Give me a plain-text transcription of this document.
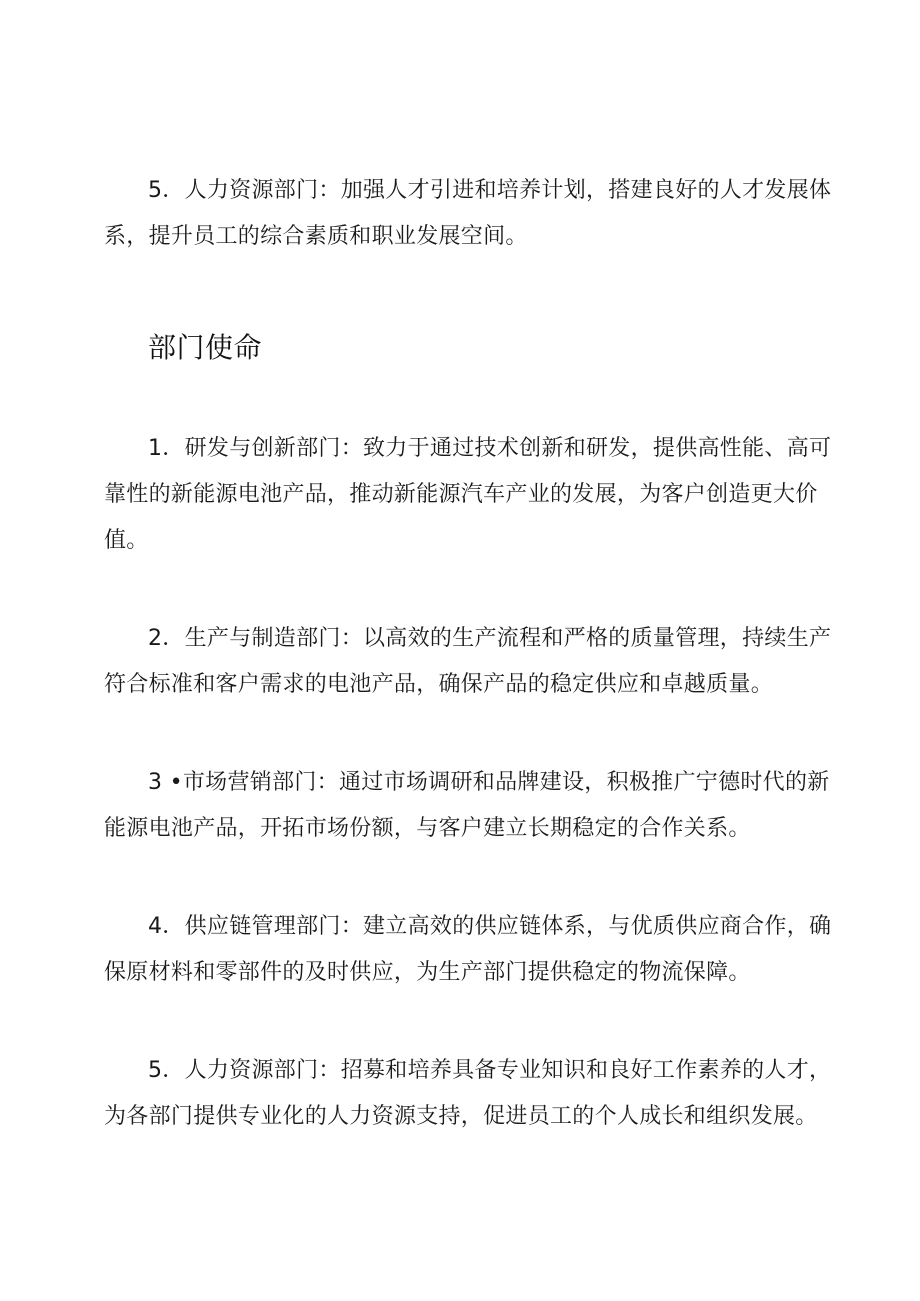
5．人力资源部门：加强人才引进和培养计划，搭建良好的人才发展体系，提升员工的综合素质和职业发展空间。

部门使命

1．研发与创新部门：致力于通过技术创新和研发，提供高性能、高可靠性的新能源电池产品，推动新能源汽车产业的发展，为客户创造更大价值。

2．生产与制造部门：以高效的生产流程和严格的质量管理，持续生产符合标准和客户需求的电池产品，确保产品的稳定供应和卓越质量。

3 •市场营销部门：通过市场调研和品牌建设，积极推广宁德时代的新能源电池产品，开拓市场份额，与客户建立长期稳定的合作关系。

4．供应链管理部门：建立高效的供应链体系，与优质供应商合作，确保原材料和零部件的及时供应，为生产部门提供稳定的物流保障。

5．人力资源部门：招募和培养具备专业知识和良好工作素养的人才，为各部门提供专业化的人力资源支持，促进员工的个人成长和组织发展。
